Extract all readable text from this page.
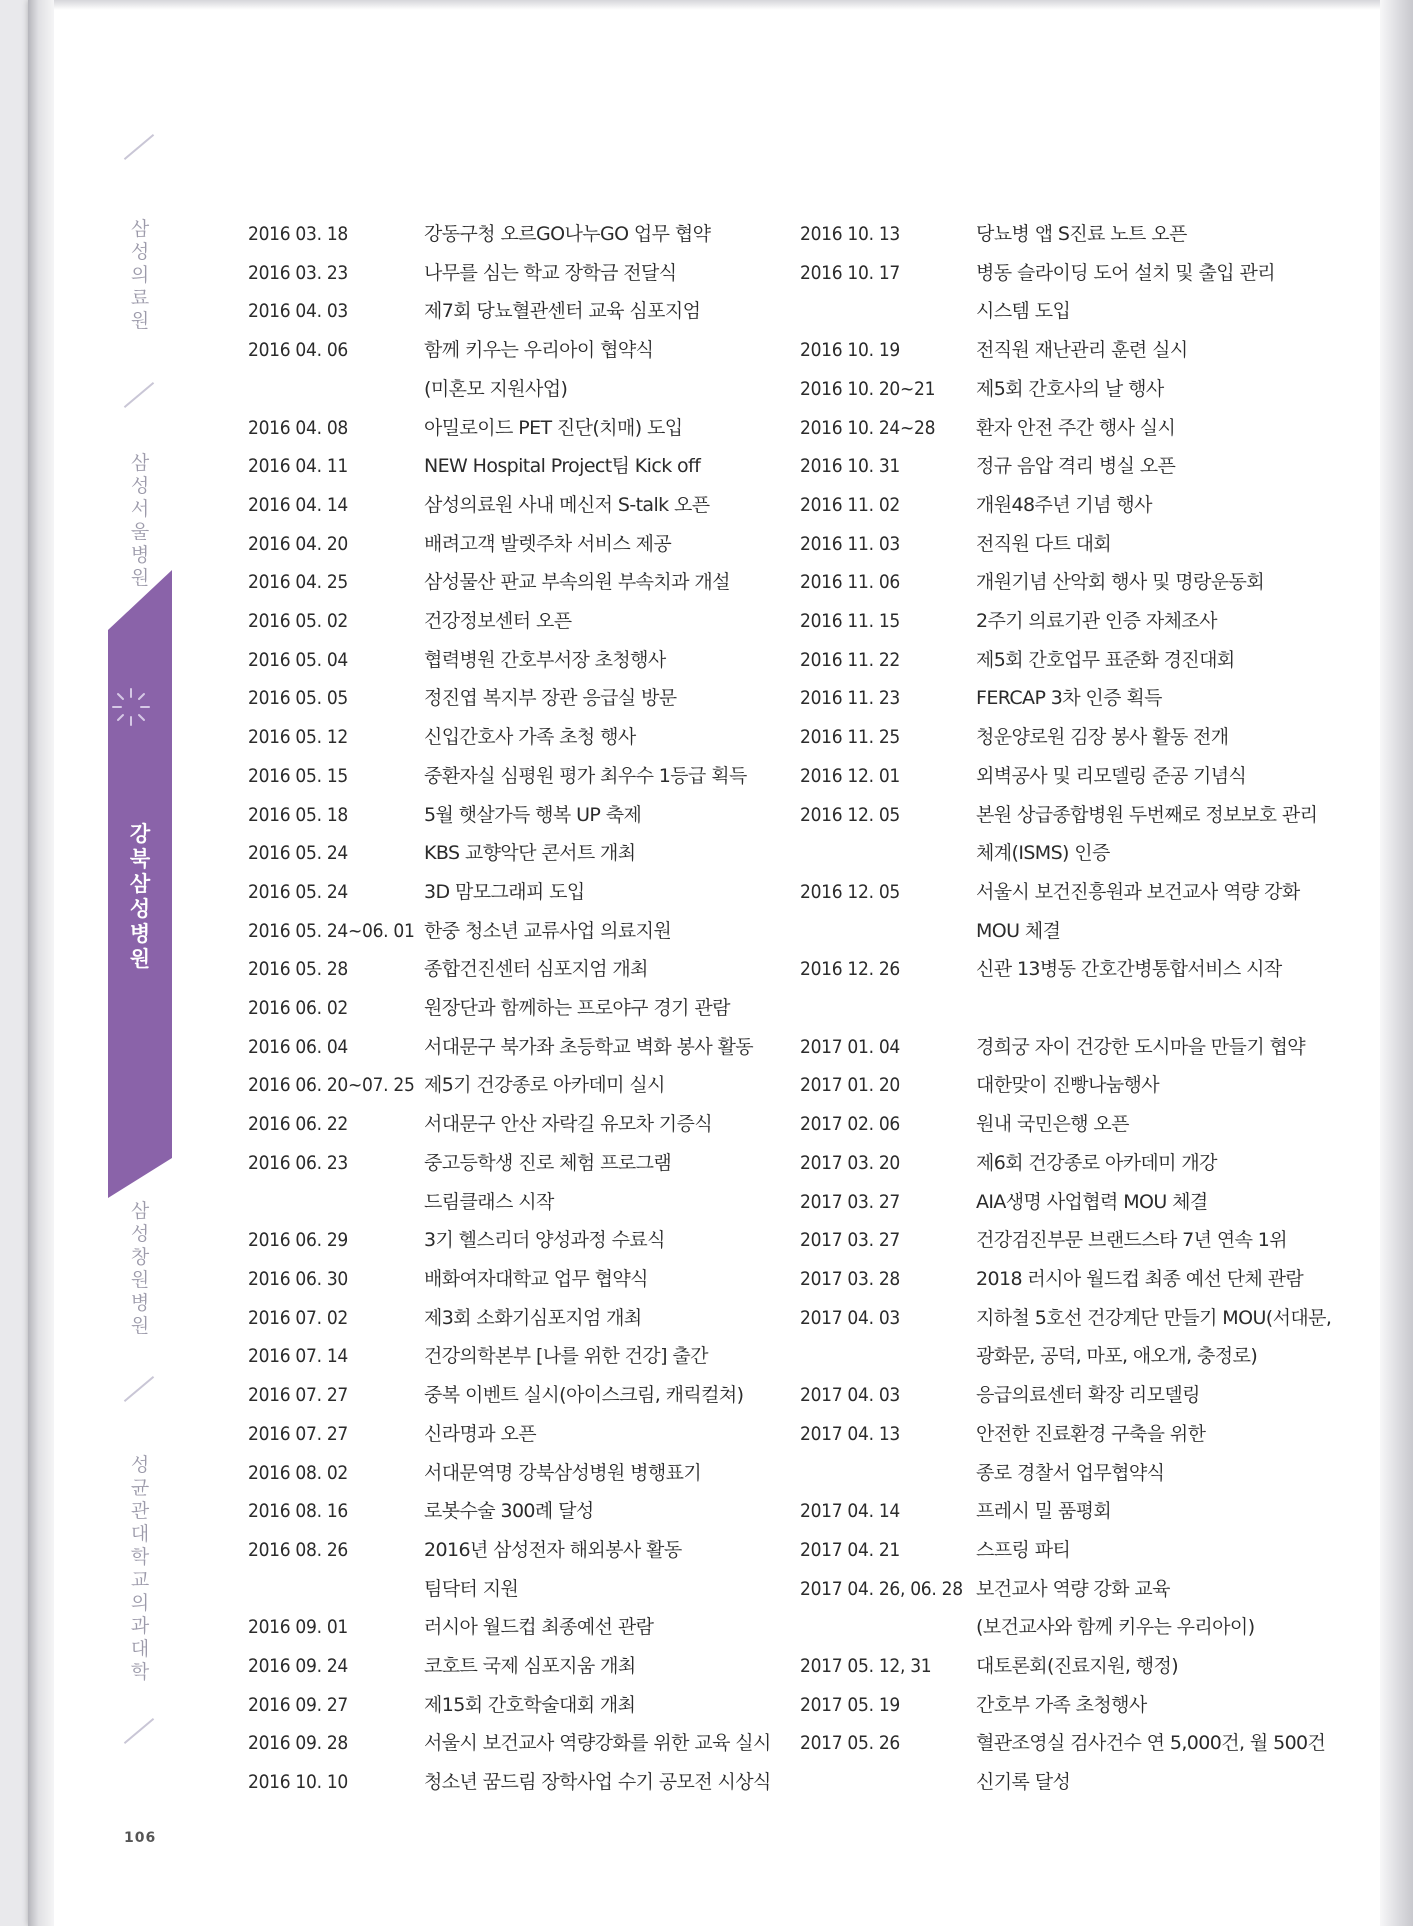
삼성의료원
삼성서울병
강북삼성병원
삼성창원병원
성균관대학교 의과대학
2016 03. 18	강동구청 오르GO나누GO 업무 협약
2016 03. 23	나무를 심는 학교 장학금 전달식
2016 04. 03	제7회 당뇨혈관센터 교육 심포지엄
2016 04. 06	함께 키우는 우리아이 협약식
(미혼모 지원사업)
2016 04. 08	아밀로이드 PET 진단(치매) 도입
2016 04. 11	NEW Hospital Project팀 Kick off
2016 04. 14	삼성의료원 사내 메신저 S-talk 오픈
2016 04. 20	배려고객 발렛주차 서비스 제공
2016 04. 25	삼성물산 판교 부속의원 부속치과 개설
2016 05. 02	건강정보센터 오픈
2016 05. 04	협력병원 간호부서장 초청행사
2016 05. 05	정진엽 복지부 장관 응급실 방문
2016 05. 12	신입간호사 가족 초청 행사
2016 05. 15	중환자실 심평원 평가 최우수 1등급 획득
2016 05. 18	5월 햇살가득 행복 UP 축제
2016 05. 24	KBS 교향악단 콘서트 개최
2016 05. 24	3D 맘모그래피 도입
2016 05. 24~06. 01 한중 청소년 교류사업 의료지원
2016 05. 28	종합건진센터 심포지엄 개최
2016 06. 02	원장단과 함께하는 프로야구 경기 관람
2016 06. 04	서대문구 북가좌 초등학교 벽화 봉사 활동
2016 06. 20~07. 25 제5기 건강종로 아카데미 실시
2016 06. 22	서대문구 안산 자락길 유모차 기증식
2016 06. 23	중고등학생 진로 체험 프로그램
드림클래스 시작
2016 06. 29	3기 헬스리더 양성과정 수료식
2016 06. 30	배화여자대학교 업무 협약식
2016 07. 02	제3회 소화기심포지엄 개최
2016 07. 14	건강의학본부 [나를 위한 건강] 출간
2016 07. 27	중복 이벤트 실시(아이스크림, 캐릭컬쳐)
2016 07. 27	신라명과 오픈
2016 08. 02	서대문역명 강북삼성병원 병행표기
2016 08. 16	로봇수술 300례 달성
2016 08. 26	2016년 삼성전자 해외봉사 활동
팀닥터 지원
2016 09. 01	러시아 월드컵 최종예선 관람
2016 09. 24	코호트 국제 심포지움 개최
2016 09. 27	제15회 간호학술대회 개최
2016 09. 28	서울시 보건교사 역량강화를 위한 교육 실시
2016 10. 10	청소년 꿈드림 장학사업 수기 공모전 시상식
2016 10. 13	당뇨병 앱 S진료 노트 오픈
2016 10. 17	병동 슬라이딩 도어 설치 및 출입 관리
시스템 도입
2016 10. 19	전직원 재난관리 훈련 실시
2016 10. 20~21	제5회 간호사의 날 행사
2016 10. 24~28	환자 안전 주간 행사 실시
2016 10. 31	정규 음압 격리 병실 오픈
2016 11. 02	개원48주년 기념 행사
2016 11. 03	전직원 다트 대회
2016 11. 06	개원기념 산악회 행사 및 명랑운동회
2016 11. 15	2주기 의료기관 인증 자체조사
2016 11. 22	제5회 간호업무 표준화 경진대회
2016 11. 23	FERCAP 3차 인증 획득
2016 11. 25	청운양로원 김장 봉사 활동 전개
2016 12. 01	외벽공사 및 리모델링 준공 기념식
2016 12. 05	본원 상급종합병원 두번째로 정보보호 관리
체계(ISMS) 인증
2016 12. 05	서울시 보건진흥원과 보건교사 역량 강화
MOU 체결
2016 12. 26	신관 13병동 간호간병통합서비스 시작

2017 01. 04	경희궁 자이 건강한 도시마을 만들기 협약
2017 01. 20	대한맞이 진빵나눔행사
2017 02. 06	원내 국민은행 오픈
2017 03. 20	제6회 건강종로 아카데미 개강
2017 03. 27	AIA생명 사업협력 MOU 체결
2017 03. 27	건강검진부문 브랜드스타 7년 연속 1위
2017 03. 28	2018 러시아 월드컵 최종 예선 단체 관람
2017 04. 03	지하철 5호선 건강계단 만들기 MOU(서대문,
광화문, 공덕, 마포, 애오개, 충정로)
2017 04. 03	응급의료센터 확장 리모델링
2017 04. 13	안전한 진료환경 구축을 위한
종로 경찰서 업무협약식
2017 04. 14	프레시 밀 품평회
2017 04. 21	스프링 파티
2017 04. 26, 06. 28 보건교사 역량 강화 교육
(보건교사와 함께 키우는 우리아이)
2017 05. 12, 31	대토론회(진료지원, 행정)
2017 05. 19	간호부 가족 초청행사
2017 05. 26	혈관조영실 검사건수 연 5,000건, 월 500건
신기록 달성
106
